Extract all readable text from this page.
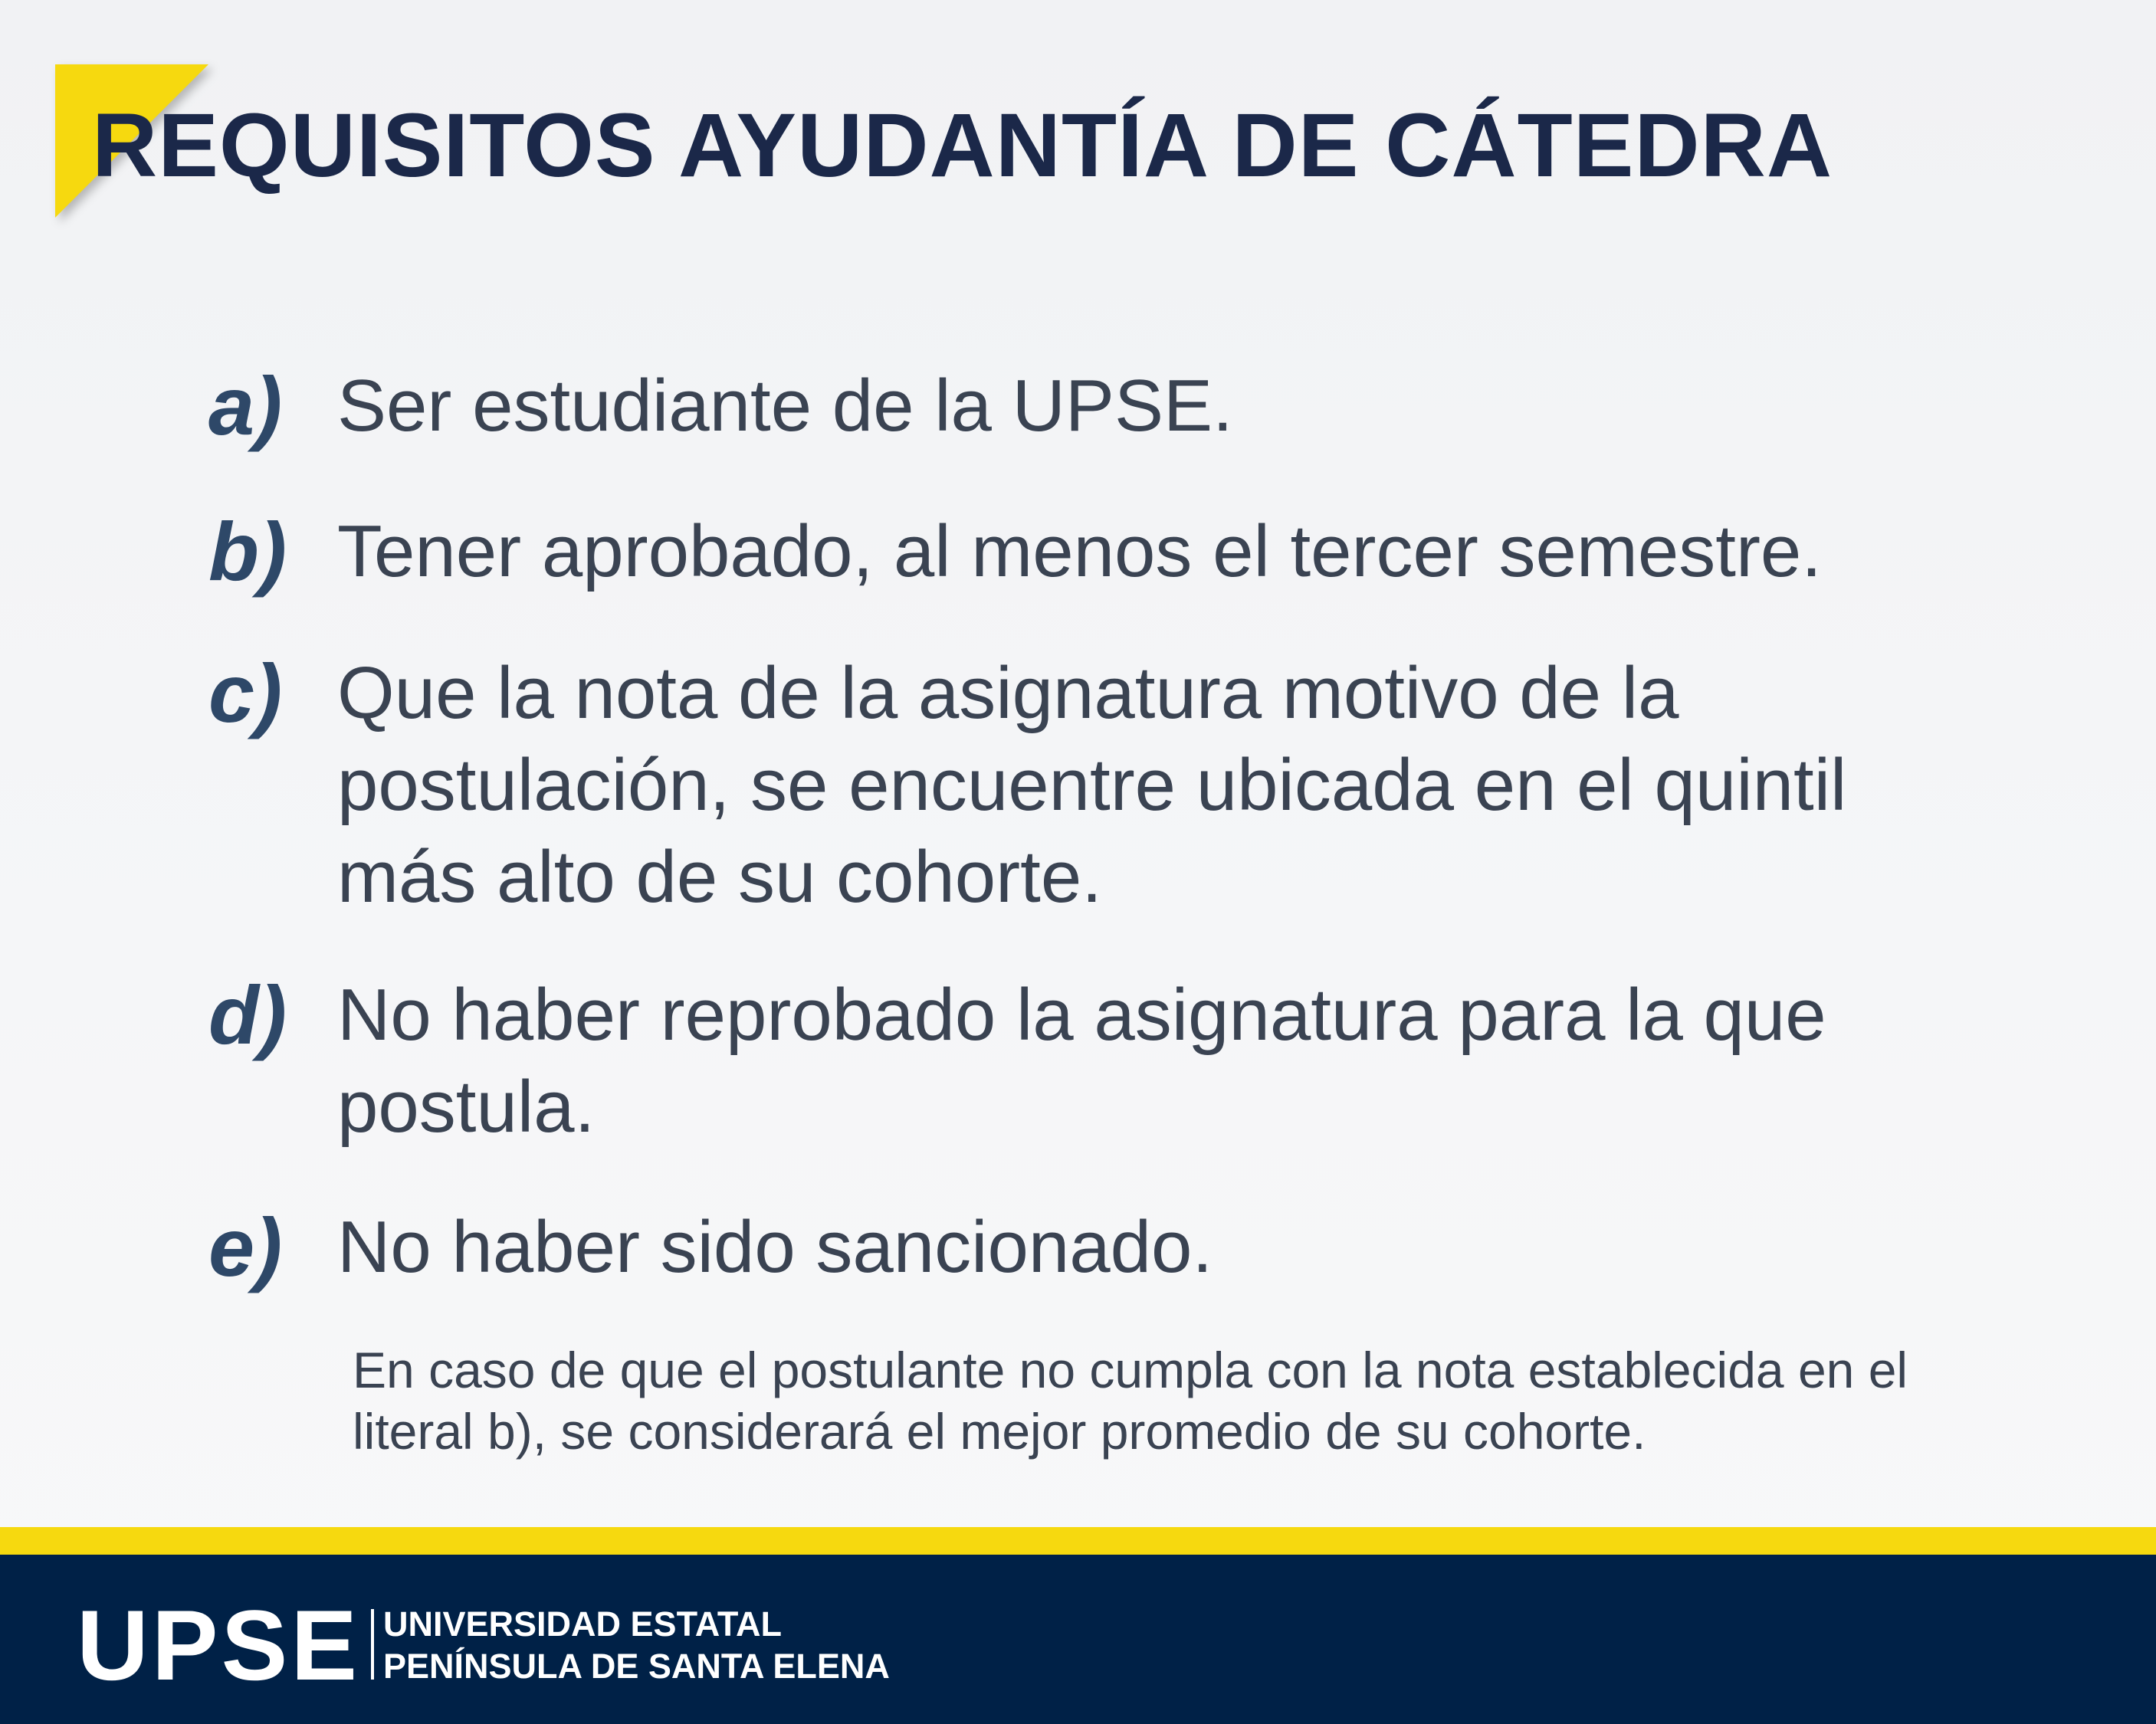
REQUISITOS AYUDANTÍA DE CÁTEDRA
a) Ser estudiante de la UPSE.
b) Tener aprobado, al menos el tercer semestre.
c) Que la nota de la asignatura motivo de la postulación, se encuentre ubicada en el quintil más alto de su cohorte.
d) No haber reprobado la asignatura para la que postula.
e) No haber sido sancionado.

En caso de que el postulante no cumpla con la nota establecida en el literal b), se considerará el mejor promedio de su cohorte.

UPSE UNIVERSIDAD ESTATAL
PENÍNSULA DE SANTA ELENA
